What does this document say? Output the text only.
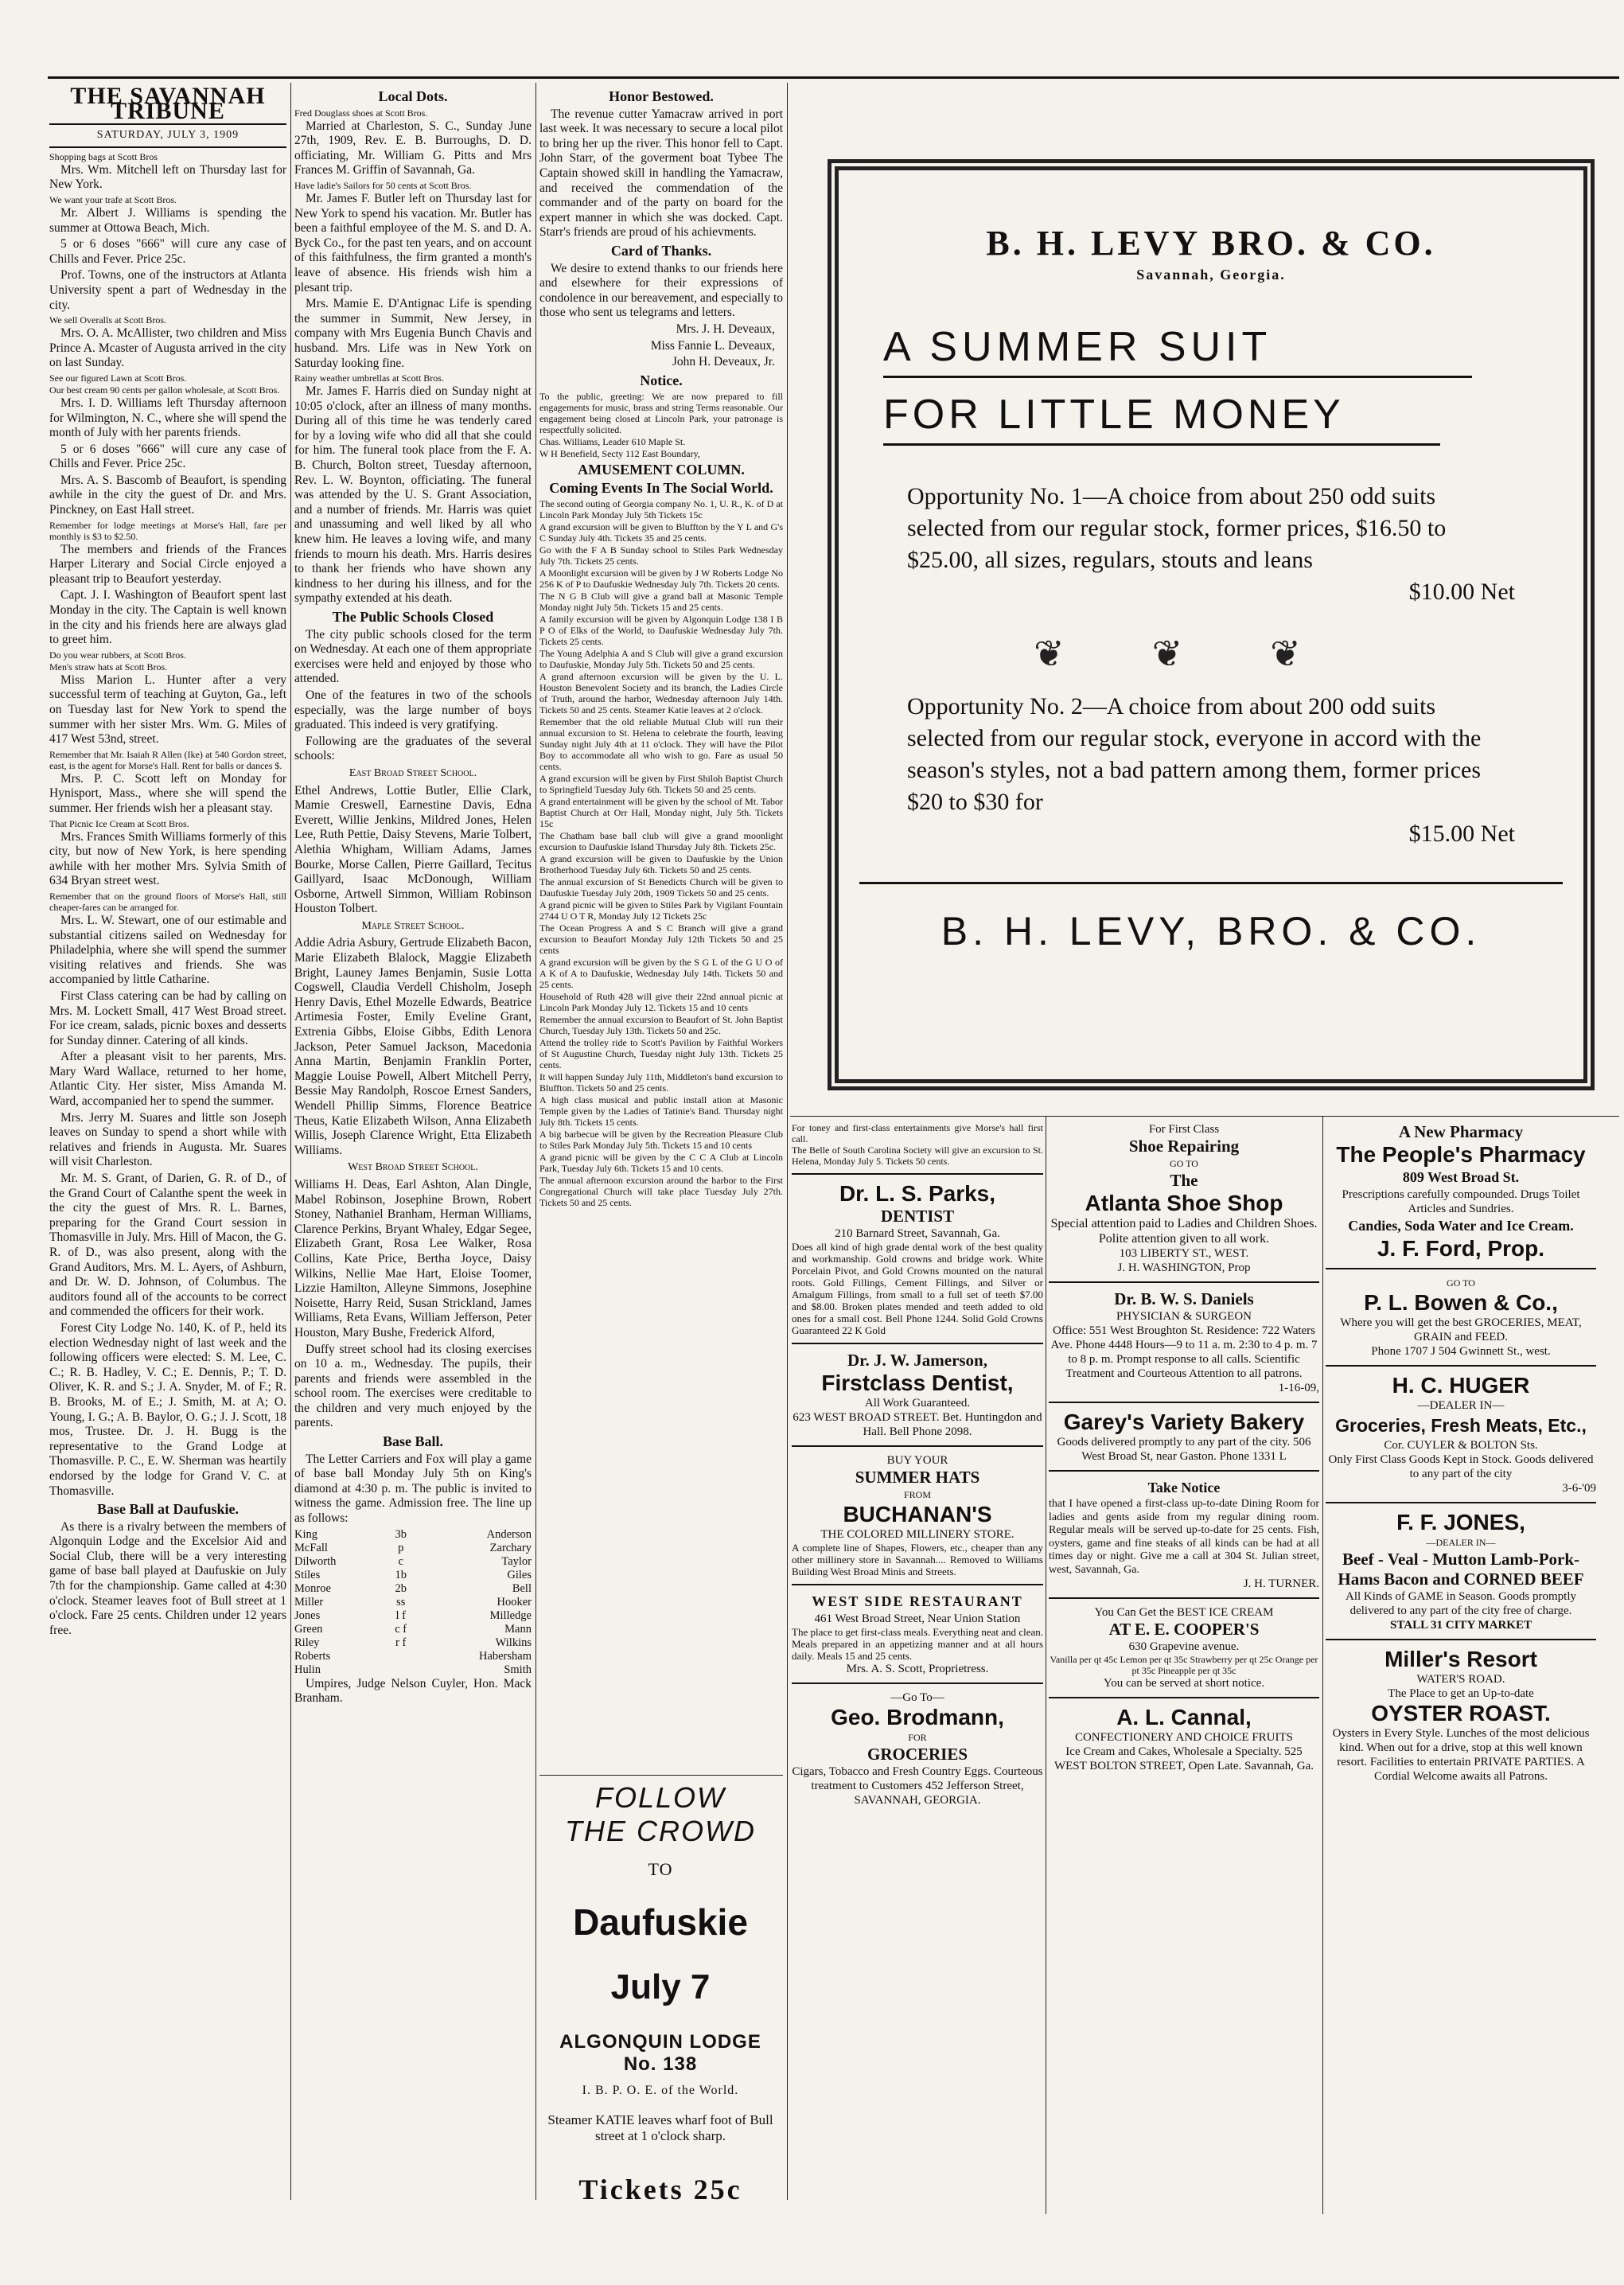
THE SAVANNAH TRIBUNE
SATURDAY, JULY 3, 1909

Shopping bags at Scott Bros

Mrs. Wm. Mitchell left on Thursday last for New York.

We want your trafe at Scott Bros.

Mr. Albert J. Williams is spending the summer at Ottowa Beach, Mich.

5 or 6 doses "666" will cure any case of Chills and Fever. Price 25c.

Prof. Towns, one of the instructors at Atlanta University spent a part of Wednesday in the city.

We sell Overalls at Scott Bros.

Mrs. O. A. McAllister, two children and Miss Prince A. Mcaster of Augusta arrived in the city on last Sunday.

See our figured Lawn at Scott Bros.

Our best cream 90 cents per gallon wholesale, at Scott Bros.

Mrs. I. D. Williams left Thursday afternoon for Wilmington, N. C., where she will spend the month of July with her parents friends.

5 or 6 doses "666" will cure any case of Chills and Fever. Price 25c.

Mrs. A. S. Bascomb of Beaufort, is spending awhile in the city the guest of Dr. and Mrs. Pinckney, on East Hall street.

Remember for lodge meetings at Morse's Hall, fare per monthly is $3 to $2.50.

The members and friends of the Frances Harper Literary and Social Circle enjoyed a pleasant trip to Beaufort yesterday.

Capt. J. I. Washington of Beaufort spent last Monday in the city. The Captain is well known in the city and his friends here are always glad to greet him.

Do you wear rubbers, at Scott Bros.

Men's straw hats at Scott Bros.

Miss Marion L. Hunter after a very successful term of teaching at Guyton, Ga., left on Tuesday last for New York to spend the summer with her sister Mrs. Wm. G. Miles of 417 West 53nd, street.

Remember that Mr. Isaiah R Allen (Ike) at 540 Gordon street, east, is the agent for Morse's Hall. Rent for balls or dances $.

Mrs. P. C. Scott left on Monday for Hynisport, Mass., where she will spend the summer. Her friends wish her a pleasant stay.

That Picnic Ice Cream at Scott Bros.

Mrs. Frances Smith Williams formerly of this city, but now of New York, is here spending awhile with her mother Mrs. Sylvia Smith of 634 Bryan street west.

Remember that on the ground floors of Morse's Hall, still cheaper-fares can be arranged for.

Mrs. L. W. Stewart, one of our estimable and substantial citizens sailed on Wednesday for Philadelphia, where she will spend the summer visiting relatives and friends. She was accompanied by little Catharine.

First Class catering can be had by calling on Mrs. M. Lockett Small, 417 West Broad street. For ice cream, salads, picnic boxes and desserts for Sunday dinner. Catering of all kinds.

After a pleasant visit to her parents, Mrs. Mary Ward Wallace, returned to her home, Atlantic City. Her sister, Miss Amanda M. Ward, accompanied her to spend the summer.

Mrs. Jerry M. Suares and little son Joseph leaves on Sunday to spend a short while with relatives and friends in Augusta. Mr. Suares will visit Charleston.

Mr. M. S. Grant, of Darien, G. R. of D., of the Grand Court of Calanthe spent the week in the city the guest of Mrs. R. L. Barnes, preparing for the Grand Court session in Thomasville in July. Mrs. Hill of Macon, the G. R. of D., was also present, along with the Grand Auditors, Mrs. M. L. Ayers, of Ashburn, and Dr. W. D. Johnson, of Columbus. The auditors found all of the accounts to be correct and commended the officers for their work.

Forest City Lodge No. 140, K. of P., held its election Wednesday night of last week and the following officers were elected: S. M. Lee, C. C.; R. B. Hadley, V. C.; E. Dennis, P.; T. D. Oliver, K. R. and S.; J. A. Snyder, M. of F.; R. B. Brooks, M. of E.; J. Smith, M. at A; O. Young, I. G.; A. B. Baylor, O. G.; J. J. Scott, 18 mos, Trustee. Dr. J. H. Bugg is the representative to the Grand Lodge at Thomasville. P. C., E. W. Sherman was heartily endorsed by the lodge for Grand V. C. at Thomasville.

Base Ball at Daufuskie.

As there is a rivalry between the members of Algonquin Lodge and the Excelsior Aid and Social Club, there will be a very interesting game of base ball played at Daufuskie on July 7th for the championship. Game called at 4:30 o'clock. Steamer leaves foot of Bull street at 1 o'clock. Fare 25 cents. Children under 12 years free.

Local Dots.

Fred Douglass shoes at Scott Bros.

Married at Charleston, S. C., Sunday June 27th, 1909, Rev. E. B. Burroughs, D. D. officiating, Mr. William G. Pitts and Mrs Frances M. Griffin of Savannah, Ga.

Have ladie's Sailors for 50 cents at Scott Bros.

Mr. James F. Butler left on Thursday last for New York to spend his vacation. Mr. Butler has been a faithful employee of the M. S. and D. A. Byck Co., for the past ten years, and on account of this faithfulness, the firm granted a month's leave of absence. His friends wish him a plesant trip.

Mrs. Mamie E. D'Antignac Life is spending the summer in Summit, New Jersey, in company with Mrs Eugenia Bunch Chavis and husband. Mrs. Life was in New York on Saturday looking fine.

Rainy weather umbrellas at Scott Bros.

Mr. James F. Harris died on Sunday night at 10:05 o'clock, after an illness of many months. During all of this time he was tenderly cared for by a loving wife who did all that she could for him. The funeral took place from the F. A. B. Church, Bolton street, Tuesday afternoon, Rev. L. W. Boynton, officiating. The funeral was attended by the U. S. Grant Association, and a number of friends. Mr. Harris was quiet and unassuming and well liked by all who knew him. He leaves a loving wife, and many friends to mourn his death. Mrs. Harris desires to thank her friends who have shown any kindness to her during his illness, and for the sympathy extended at his death.

The Public Schools Closed

The city public schools closed for the term on Wednesday. At each one of them appropriate exercises were held and enjoyed by those who attended.

One of the features in two of the schools especially, was the large number of boys graduated. This indeed is very gratifying.

Following are the graduates of the several schools:

East Broad Street School.

Ethel Andrews, Lottie Butler, Ellie Clark, Mamie Creswell, Earnestine Davis, Edna Everett, Willie Jenkins, Mildred Jones, Helen Lee, Ruth Pettie, Daisy Stevens, Marie Tolbert, Alethia Whigham, William Adams, James Bourke, Morse Callen, Pierre Gaillard, Tecitus Gaillyard, Isaac McDonough, William Osborne, Artwell Simmon, William Robinson Houston Tolbert.

Maple Street School.

Addie Adria Asbury, Gertrude Elizabeth Bacon, Marie Elizabeth Blalock, Maggie Elizabeth Bright, Launey James Benjamin, Susie Lotta Cogswell, Claudia Verdell Chisholm, Joseph Henry Davis, Ethel Mozelle Edwards, Beatrice Artimesia Foster, Emily Eveline Grant, Extrenia Gibbs, Eloise Gibbs, Edith Lenora Jackson, Peter Samuel Jackson, Macedonia Anna Martin, Benjamin Franklin Porter, Maggie Louise Powell, Albert Mitchell Perry, Bessie May Randolph, Roscoe Ernest Sanders, Wendell Phillip Simms, Florence Beatrice Theus, Katie Elizabeth Wilson, Anna Elizabeth Willis, Joseph Clarence Wright, Etta Elizabeth Williams.

West Broad Street School.

Williams H. Deas, Earl Ashton, Alan Dingle, Mabel Robinson, Josephine Brown, Robert Stoney, Nathaniel Branham, Herman Williams, Clarence Perkins, Bryant Whaley, Edgar Segee, Elizabeth Grant, Rosa Lee Walker, Rosa Collins, Kate Price, Bertha Joyce, Daisy Wilkins, Nellie Mae Hart, Eloise Toomer, Lizzie Hamilton, Alleyne Simmons, Josephine Noisette, Harry Reid, Susan Strickland, James Williams, Reta Evans, William Jefferson, Peter Houston, Mary Bushe, Frederick Alford,

Duffy street school had its closing exercises on 10 a. m., Wednesday. The pupils, their parents and friends were assembled in the school room. The exercises were creditable to the children and very much enjoyed by the parents.

Base Ball.

The Letter Carriers and Fox will play a game of base ball Monday July 5th on King's diamond at 4:30 p. m. The public is invited to witness the game. Admission free. The line up as follows:

King	3b	Anderson
McFall	p	Zarchary
Dilworth	c	Taylor
Stiles	1b	Giles
Monroe	2b	Bell
Miller	ss	Hooker
Jones	l f	Milledge
Green	c f	Mann
Riley	r f	Wilkins
Roberts		Habersham
Hulin		Smith

Umpires, Judge Nelson Cuyler, Hon. Mack Branham.

Honor Bestowed.

The revenue cutter Yamacraw arrived in port last week. It was necessary to secure a local pilot to bring her up the river. This honor fell to Capt. John Starr, of the goverment boat Tybee The Captain showed skill in handling the Yamacraw, and received the commendation of the commander and of the party on board for the expert manner in which she was docked. Capt. Starr's friends are proud of his achievments.

Card of Thanks.

We desire to extend thanks to our friends here and elsewhere for their expressions of condolence in our bereavement, and especially to those who sent us telegrams and letters.

Mrs. J. H. Deveaux,

Miss Fannie L. Deveaux,

John H. Deveaux, Jr.

Notice.

To the public, greeting: We are now prepared to fill engagements for music, brass and string Terms reasonable. Our engagement being closed at Lincoln Park, your patronage is respectfully solicited.

Chas. Williams, Leader 610 Maple St.

W H Benefield, Secty 112 East Boundary,

AMUSEMENT COLUMN.
Coming Events In The Social World.

The second outing of Georgia company No. 1, U. R., K. of D at Lincoln Park Monday July 5th Tickets 15c

A grand excursion will be given to Bluffton by the Y L and G's C Sunday July 4th. Tickets 35 and 25 cents.

Go with the F A B Sunday school to Stiles Park Wednesday July 7th. Tickets 25 cents.

A Moonlight excursion will be given by J W Roberts Lodge No 256 K of P to Daufuskie Wednesday July 7th. Tickets 20 cents.

The N G B Club will give a grand ball at Masonic Temple Monday night July 5th. Tickets 15 and 25 cents.

A family excursion will be given by Algonquin Lodge 138 I B P O of Elks of the World, to Daufuskie Wednesday July 7th. Tickets 25 cents.

The Young Adelphia A and S Club will give a grand excursion to Daufuskie, Monday July 5th. Tickets 50 and 25 cents.

A grand afternoon excursion will be given by the U. L. Houston Benevolent Society and its branch, the Ladies Circle of Truth, around the harbor, Wednesday afternoon July 14th. Tickets 50 and 25 cents. Steamer Katie leaves at 2 o'clock.

Remember that the old reliable Mutual Club will run their annual excursion to St. Helena to celebrate the fourth, leaving Sunday night July 4th at 11 o'clock. They will have the Pilot Boy to accommodate all who wish to go. Fare as usual 50 cents.

A grand excursion will be given by First Shiloh Baptist Church to Springfield Tuesday July 6th. Tickets 50 and 25 cents.

A grand entertainment will be given by the school of Mt. Tabor Baptist Church at Orr Hall, Monday night, July 5th. Tickets 15c

The Chatham base ball club will give a grand moonlight excursion to Daufuskie Island Thursday July 8th. Tickets 25c.

A grand excursion will be given to Daufuskie by the Union Brotherhood Tuesday July 6th. Tickets 50 and 25 cents.

The annual excursion of St Benedicts Church will be given to Daufuskie Tuesday July 20th, 1909 Tickets 50 and 25 cents.

A grand picnic will be given to Stiles Park by Vigilant Fountain 2744 U O T R, Monday July 12 Tickets 25c

The Ocean Progress A and S C Branch will give a grand excursion to Beaufort Monday July 12th Tickets 50 and 25 cents

A grand excursion will be given by the S G L of the G U O of A K of A to Daufuskie, Wednesday July 14th. Tickets 50 and 25 cents.

Household of Ruth 428 will give their 22nd annual picnic at Lincoln Park Monday July 12. Tickets 15 and 10 cents

Remember the annual excursion to Beaufort of St. John Baptist Church, Tuesday July 13th. Tickets 50 and 25c.

Attend the trolley ride to Scott's Pavilion by Faithful Workers of St Augustine Church, Tuesday night July 13th. Tickets 25 cents.

It will happen Sunday July 11th, Middleton's band excursion to Bluffton. Tickets 50 and 25 cents.

A high class musical and public install ation at Masonic Temple given by the Ladies of Tatinie's Band. Thursday night July 8th. Tickets 15 cents.

A big barbecue will be given by the Recreation Pleasure Club to Stiles Park Monday July 5th. Tickets 15 and 10 cents

A grand picnic will be given by the C C A Club at Lincoln Park, Tuesday July 6th. Tickets 15 and 10 cents.

The annual afternoon excursion around the harbor to the First Congregational Church will take place Tuesday July 27th. Tickets 50 and 25 cents.

FOLLOW
THE CROWD
TO
Daufuskie
July 7
ALGONQUIN LODGE No. 138
I. B. P. O. E. of the World.
Steamer KATIE leaves wharf foot of Bull street at 1 o'clock sharp.
Tickets 25c
B. H. LEVY BRO. & CO.
Savannah, Georgia.
A SUMMER SUIT
FOR LITTLE MONEY
Opportunity No. 1—A choice from about 250 odd suits selected from our regular stock, former prices, $16.50 to $25.00, all sizes, regulars, stouts and leans
$10.00 Net
❦❦❦
Opportunity No. 2—A choice from about 200 odd suits selected from our regular stock, everyone in accord with the season's styles, not a bad pattern among them, former prices $20 to $30 for
$15.00 Net
B. H. LEVY, BRO. & CO.
For toney and first-class entertainments give Morse's hall first call.
The Belle of South Carolina Society will give an excursion to St. Helena, Monday July 5. Tickets 50 cents.
Dr. L. S. Parks,
DENTIST
210 Barnard Street, Savannah, Ga.
Does all kind of high grade dental work of the best quality and workmanship. Gold crowns and bridge work. White Porcelain Pivot, and Gold Crowns mounted on the natural roots. Gold Fillings, Cement Fillings, and Silver or Amalgum Fillings, from small to a full set of teeth $7.00 and $8.00. Broken plates mended and teeth added to old ones for a small cost. Bell Phone 1244. Solid Gold Crowns Guaranteed 22 K Gold
Dr. J. W. Jamerson,
Firstclass Dentist,
All Work Guaranteed.
623 WEST BROAD STREET. Bet. Huntingdon and Hall. Bell Phone 2098.
BUY YOUR
SUMMER HATS
FROM
BUCHANAN'S
THE COLORED MILLINERY STORE.
A complete line of Shapes, Flowers, etc., cheaper than any other millinery store in Savannah.... Removed to Williams Building West Broad Minis and Streets.
WEST SIDE RESTAURANT
461 West Broad Street, Near Union Station
The place to get first-class meals. Everything neat and clean. Meals prepared in an appetizing manner and at all hours daily. Meals 15 and 25 cents.
Mrs. A. S. Scott, Proprietress.
—Go To—
Geo. Brodmann,
FOR
GROCERIES
Cigars, Tobacco and Fresh Country Eggs. Courteous treatment to Customers 452 Jefferson Street, SAVANNAH, GEORGIA.
For First Class
Shoe Repairing
GO TO
The
Atlanta Shoe Shop
Special attention paid to Ladies and Children Shoes. Polite attention given to all work.
103 LIBERTY ST., WEST.
J. H. WASHINGTON, Prop
Dr. B. W. S. Daniels
PHYSICIAN & SURGEON
Office: 551 West Broughton St. Residence: 722 Waters Ave. Phone 4448 Hours—9 to 11 a. m. 2:30 to 4 p. m. 7 to 8 p. m. Prompt response to all calls. Scientific Treatment and Courteous Attention to all patrons.
1-16-09,
Garey's Variety Bakery
Goods delivered promptly to any part of the city. 506 West Broad St, near Gaston. Phone 1331 L
Take Notice
that I have opened a first-class up-to-date Dining Room for ladies and gents aside from my regular dining room. Regular meals will be served up-to-date for 25 cents. Fish, oysters, game and fine steaks of all kinds can be had at all times day or night. Give me a call at 304 St. Julian street, west, Savannah, Ga.
J. H. TURNER.
You Can Get the BEST ICE CREAM
AT E. E. COOPER'S
630 Grapevine avenue.
Vanilla per qt 45c Lemon per qt 35c Strawberry per qt 25c Orange per pt 35c Pineapple per qt 35c
You can be served at short notice.
A. L. Cannal,
CONFECTIONERY AND CHOICE FRUITS
Ice Cream and Cakes, Wholesale a Specialty. 525 WEST BOLTON STREET, Open Late. Savannah, Ga.
A New Pharmacy
The People's Pharmacy
809 West Broad St.
Prescriptions carefully compounded. Drugs Toilet Articles and Sundries.
Candies, Soda Water and Ice Cream.
J. F. Ford, Prop.
GO TO
P. L. Bowen & Co.,
Where you will get the best GROCERIES, MEAT, GRAIN and FEED.
Phone 1707 J 504 Gwinnett St., west.
H. C. HUGER
—DEALER IN—
Groceries, Fresh Meats, Etc.,
Cor. CUYLER & BOLTON Sts.
Only First Class Goods Kept in Stock. Goods delivered to any part of the city
3-6-'09
F. F. JONES,
—DEALER IN—
Beef - Veal - Mutton Lamb-Pork-Hams Bacon and CORNED BEEF
All Kinds of GAME in Season. Goods promptly delivered to any part of the city free of charge.
STALL 31 CITY MARKET
Miller's Resort
WATER'S ROAD.
The Place to get an Up-to-date
OYSTER ROAST.
Oysters in Every Style. Lunches of the most delicious kind. When out for a drive, stop at this well known resort. Facilities to entertain PRIVATE PARTIES. A Cordial Welcome awaits all Patrons.
